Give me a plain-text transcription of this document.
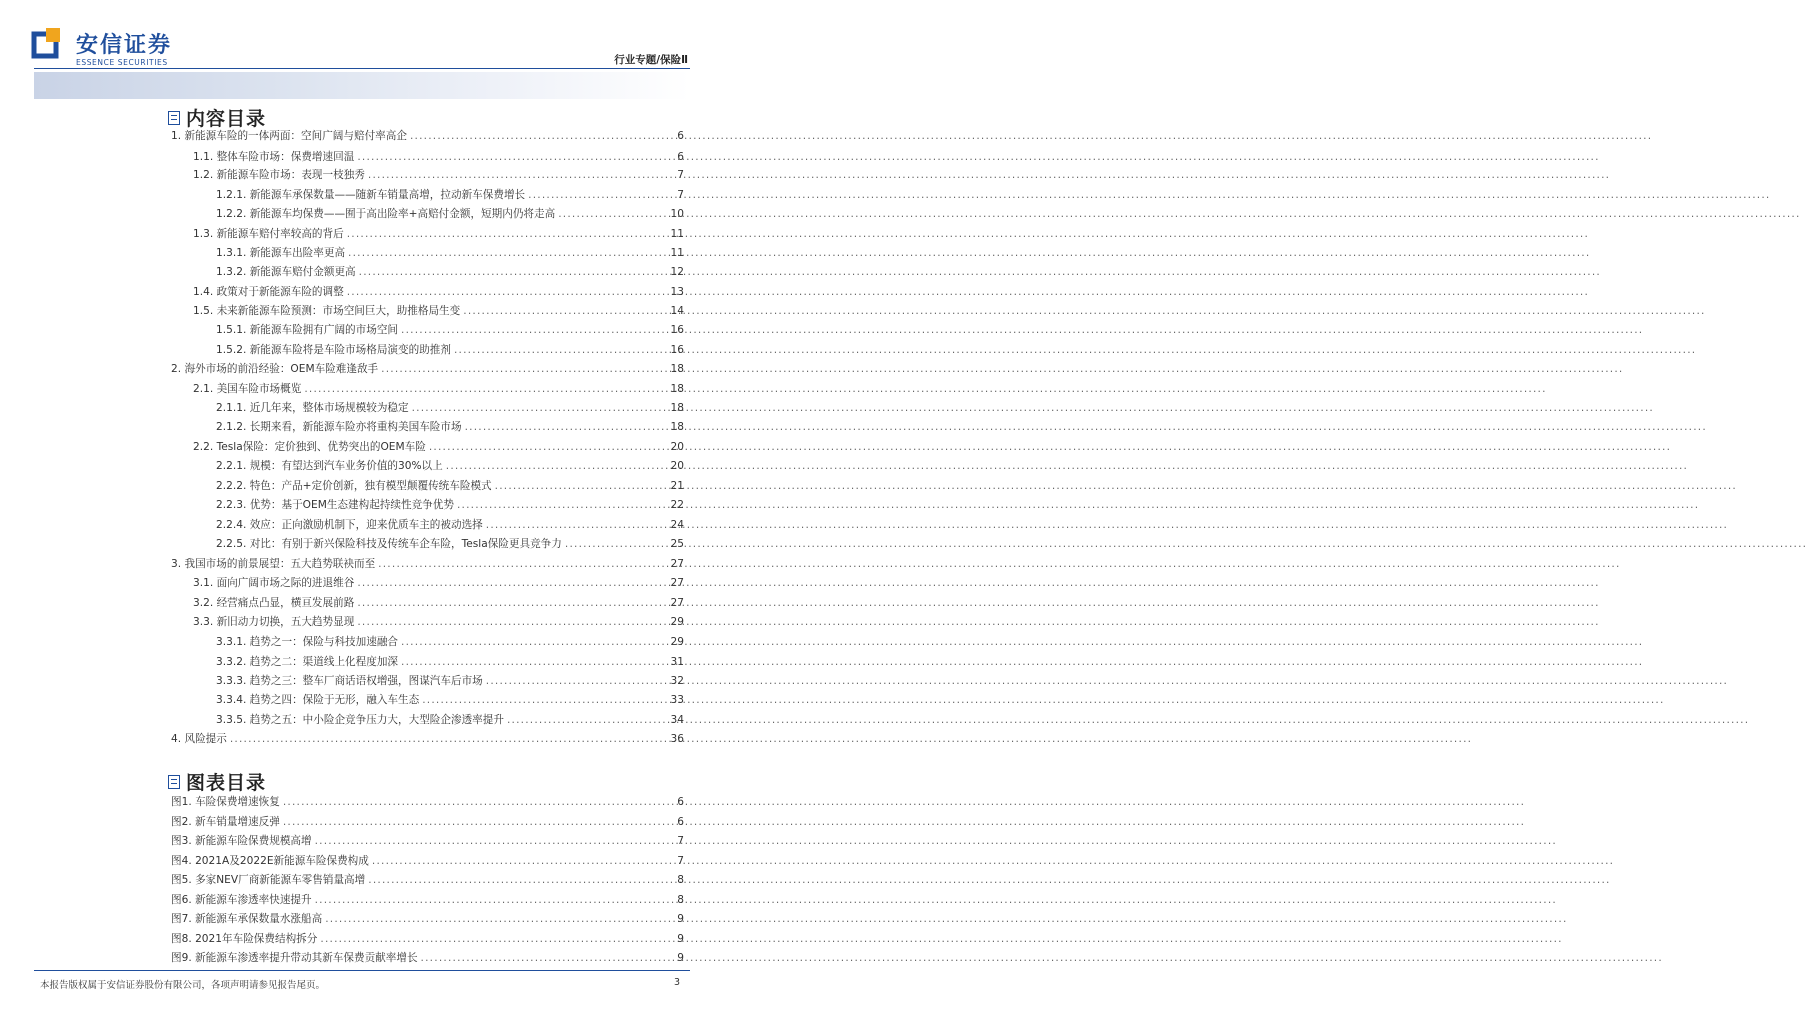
安信证券
ESSENCE SECURITIES	行业专题/保险Ⅱ
内容目录
1. 新能源车险的一体两面：空间广阔与赔付率高企 .....	6
1.1. 整体车险市场：保费增速回温 .....	6
1.2. 新能源车险市场：表现一枝独秀 .....	7
1.2.1. 新能源车承保数量——随新车销量高增，拉动新车保费增长 .....	7
1.2.2. 新能源车均保费——囿于高出险率+高赔付金额，短期内仍将走高 .....	10
1.3. 新能源车赔付率较高的背后 .....	11
1.3.1. 新能源车出险率更高 .....	11
1.3.2. 新能源车赔付金额更高 .....	12
1.4. 政策对于新能源车险的调整 .....	13
1.5. 未来新能源车险预测：市场空间巨大，助推格局生变 .....	14
1.5.1. 新能源车险拥有广阔的市场空间 .....	16
1.5.2. 新能源车险将是车险市场格局演变的助推剂 .....	16
2. 海外市场的前沿经验：OEM车险难逢敌手 .....	18
2.1. 美国车险市场概览 .....	18
2.1.1. 近几年来，整体市场规模较为稳定 .....	18
2.1.2. 长期来看，新能源车险亦将重构美国车险市场 .....	18
2.2. Tesla保险：定价独到、优势突出的OEM车险 .....	20
2.2.1. 规模：有望达到汽车业务价值的30%以上 .....	20
2.2.2. 特色：产品+定价创新，独有模型颠覆传统车险模式 .....	21
2.2.3. 优势：基于OEM生态建构起持续性竞争优势 .....	22
2.2.4. 效应：正向激励机制下，迎来优质车主的被动选择 .....	24
2.2.5. 对比：有别于新兴保险科技及传统车企车险，Tesla保险更具竞争力 .....	25
3. 我国市场的前景展望：五大趋势联袂而至 .....	27
3.1. 面向广阔市场之际的进退维谷 .....	27
3.2. 经营痛点凸显，横亘发展前路 .....	27
3.3. 新旧动力切换，五大趋势显现 .....	29
3.3.1. 趋势之一：保险与科技加速融合 .....	29
3.3.2. 趋势之二：渠道线上化程度加深 .....	31
3.3.3. 趋势之三：整车厂商话语权增强，图谋汽车后市场 .....	32
3.3.4. 趋势之四：保险于无形，融入车生态 .....	33
3.3.5. 趋势之五：中小险企竞争压力大，大型险企渗透率提升 .....	34
4. 风险提示 .....	36
图表目录
图1. 车险保费增速恢复 .....	6
图2. 新车销量增速反弹 .....	6
图3. 新能源车险保费规模高增 .....	7
图4. 2021A及2022E新能源车险保费构成 .....	7
图5. 多家NEV厂商新能源车零售销量高增 .....	8
图6. 新能源车渗透率快速提升 .....	8
图7. 新能源车承保数量水涨船高 .....	9
图8. 2021年车险保费结构拆分 .....	9
图9. 新能源车渗透率提升带动其新车保费贡献率增长 .....	9
本报告版权属于安信证券股份有限公司，各项声明请参见报告尾页。	3
